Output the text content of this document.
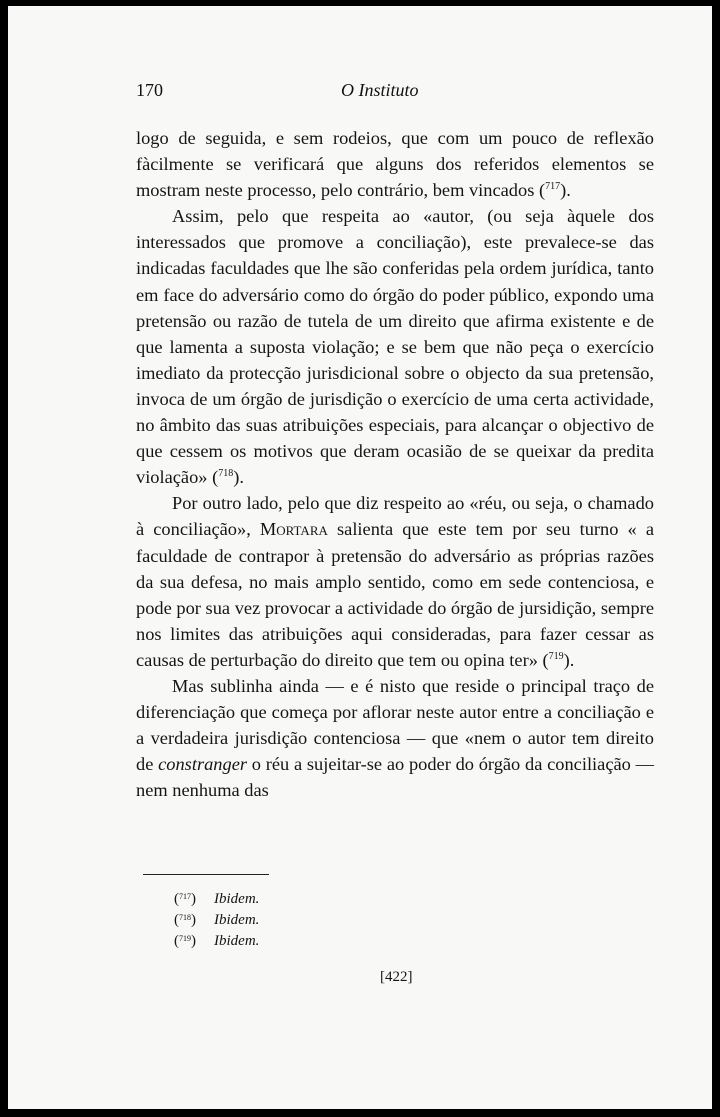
170	O Instituto

logo de seguida, e sem rodeios, que com um pouco de reflexão fàcilmente se verificará que alguns dos referidos elementos se mostram neste processo, pelo contrário, bem vincados ($^{717}$).

Assim, pelo que respeita ao «autor, (ou seja àquele dos interessados que promove a conciliação), este prevalece-se das indicadas faculdades que lhe são conferidas pela ordem jurídica, tanto em face do adversário como do órgão do poder público, expondo uma pretensão ou razão de tutela de um direito que afirma existente e de que lamenta a suposta violação; e se bem que não peça o exercício imediato da protecção jurisdicional sobre o objecto da sua pretensão, invoca de um órgão de jurisdição o exercício de uma certa actividade, no âmbito das suas atribuições especiais, para alcançar o objectivo de que cessem os motivos que deram ocasião de se queixar da predita violação» ($^{718}$).

Por outro lado, pelo que diz respeito ao «réu, ou seja, o chamado à conciliação», Mortara salienta que este tem por seu turno « a faculdade de contrapor à pretensão do adversário as próprias razões da sua defesa, no mais amplo sentido, como em sede contenciosa, e pode por sua vez provocar a actividade do órgão de jursidição, sempre nos limites das atribuições aqui consideradas, para fazer cessar as causas de perturbação do direito que tem ou opina ter» ($^{719}$).

Mas sublinha ainda — e é nisto que reside o principal traço de diferenciação que começa por aflorar neste autor entre a conciliação e a verdadeira jurisdição contenciosa — que «nem o autor tem direito de constranger o réu a sujeitar-se ao poder do órgão da conciliação — nem nenhuma das

($^{717}$) Ibidem.
($^{718}$) Ibidem.
($^{719}$) Ibidem.
[422]
